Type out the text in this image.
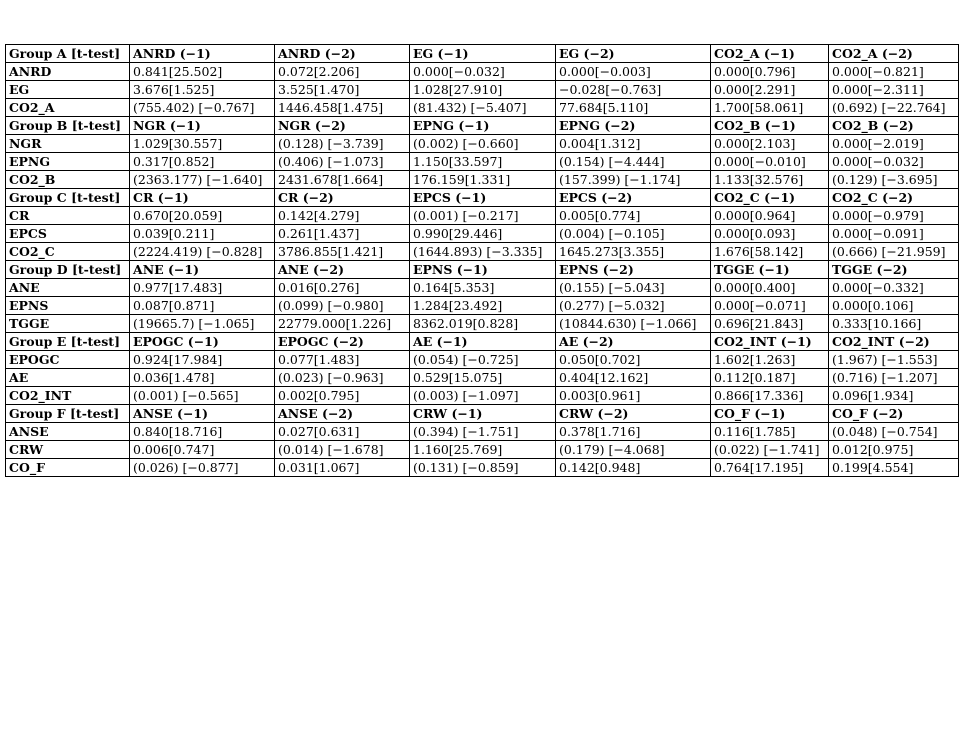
Group A [t-test]	ANRD (−1)	ANRD (−2)	EG (−1)	EG (−2)	CO2_A (−1)	CO2_A (−2)
ANRD	0.841[25.502]	0.072[2.206]	0.000[−0.032]	0.000[−0.003]	0.000[0.796]	0.000[−0.821]
EG	3.676[1.525]	3.525[1.470]	1.028[27.910]	−0.028[−0.763]	0.000[2.291]	0.000[−2.311]
CO2_A	(755.402) [−0.767]	1446.458[1.475]	(81.432) [−5.407]	77.684[5.110]	1.700[58.061]	(0.692) [−22.764]
Group B [t-test]	NGR (−1)	NGR (−2)	EPNG (−1)	EPNG (−2)	CO2_B (−1)	CO2_B (−2)
NGR	1.029[30.557]	(0.128) [−3.739]	(0.002) [−0.660]	0.004[1.312]	0.000[2.103]	0.000[−2.019]
EPNG	0.317[0.852]	(0.406) [−1.073]	1.150[33.597]	(0.154) [−4.444]	0.000[−0.010]	0.000[−0.032]
CO2_B	(2363.177) [−1.640]	2431.678[1.664]	176.159[1.331]	(157.399) [−1.174]	1.133[32.576]	(0.129) [−3.695]
Group C [t-test]	CR (−1)	CR (−2)	EPCS (−1)	EPCS (−2)	CO2_C (−1)	CO2_C (−2)
CR	0.670[20.059]	0.142[4.279]	(0.001) [−0.217]	0.005[0.774]	0.000[0.964]	0.000[−0.979]
EPCS	0.039[0.211]	0.261[1.437]	0.990[29.446]	(0.004) [−0.105]	0.000[0.093]	0.000[−0.091]
CO2_C	(2224.419) [−0.828]	3786.855[1.421]	(1644.893) [−3.335]	1645.273[3.355]	1.676[58.142]	(0.666) [−21.959]
Group D [t-test]	ANE (−1)	ANE (−2)	EPNS (−1)	EPNS (−2)	TGGE (−1)	TGGE (−2)
ANE	0.977[17.483]	0.016[0.276]	0.164[5.353]	(0.155) [−5.043]	0.000[0.400]	0.000[−0.332]
EPNS	0.087[0.871]	(0.099) [−0.980]	1.284[23.492]	(0.277) [−5.032]	0.000[−0.071]	0.000[0.106]
TGGE	(19665.7) [−1.065]	22779.000[1.226]	8362.019[0.828]	(10844.630) [−1.066]	0.696[21.843]	0.333[10.166]
Group E [t-test]	EPOGC (−1)	EPOGC (−2)	AE (−1)	AE (−2)	CO2_INT (−1)	CO2_INT (−2)
EPOGC	0.924[17.984]	0.077[1.483]	(0.054) [−0.725]	0.050[0.702]	1.602[1.263]	(1.967) [−1.553]
AE	0.036[1.478]	(0.023) [−0.963]	0.529[15.075]	0.404[12.162]	0.112[0.187]	(0.716) [−1.207]
CO2_INT	(0.001) [−0.565]	0.002[0.795]	(0.003) [−1.097]	0.003[0.961]	0.866[17.336]	0.096[1.934]
Group F [t-test]	ANSE (−1)	ANSE (−2)	CRW (−1)	CRW (−2)	CO_F (−1)	CO_F (−2)
ANSE	0.840[18.716]	0.027[0.631]	(0.394) [−1.751]	0.378[1.716]	0.116[1.785]	(0.048) [−0.754]
CRW	0.006[0.747]	(0.014) [−1.678]	1.160[25.769]	(0.179) [−4.068]	(0.022) [−1.741]	0.012[0.975]
CO_F	(0.026) [−0.877]	0.031[1.067]	(0.131) [−0.859]	0.142[0.948]	0.764[17.195]	0.199[4.554]
